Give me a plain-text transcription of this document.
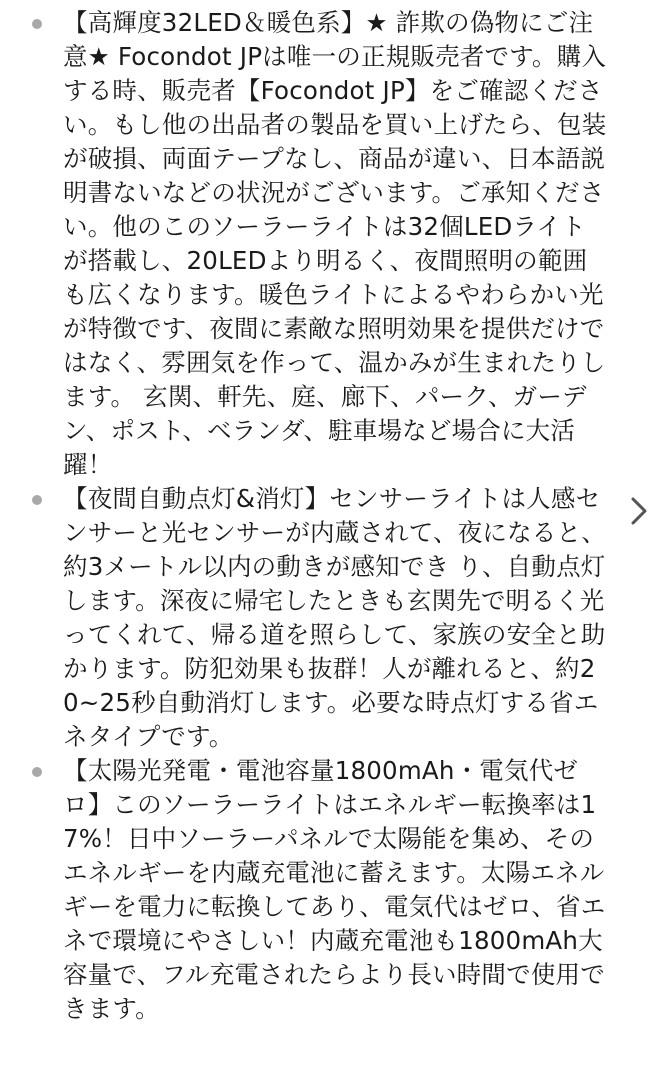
【高輝度32LED＆暖色系】★ 詐欺の偽物にご注意★ Focondot JPは唯一の正規販売者です。購入する時、販売者【Focondot JP】をご確認ください。もし他の出品者の製品を買い上げたら、包装が破損、両面テープなし、商品が違い、日本語説明書ないなどの状況がございます。ご承知ください。他のこのソーラーライトは32個LEDライトが搭載し、20LEDより明るく、夜間照明の範囲も広くなります。暖色ライトによるやわらかい光が特徴です、夜間に素敵な照明効果を提供だけではなく、雰囲気を作って、温かみが生まれたりします。 玄関、軒先、庭、廊下、パーク、ガーデン、ポスト、ベランダ、駐車場など場合に大活躍！
【夜間自動点灯&消灯】センサーライトは人感センサーと光センサーが内蔵されて、夜になると、約3メートル以内の動きが感知でき り、自動点灯します。深夜に帰宅したときも玄関先で明るく光ってくれて、帰る道を照らして、家族の安全と助かります。防犯効果も抜群！人が離れると、約20~25秒自動消灯します。必要な時点灯する省エネタイプです。
【太陽光発電・電池容量1800mAh・電気代ゼロ】このソーラーライトはエネルギー転換率は17%！日中ソーラーパネルで太陽能を集め、そのエネルギーを内蔵充電池に蓄えます。太陽エネルギーを電力に転換してあり、電気代はゼロ、省エネで環境にやさしい！内蔵充電池も1800mAh大容量で、フル充電されたらより長い時間で使用できます。
